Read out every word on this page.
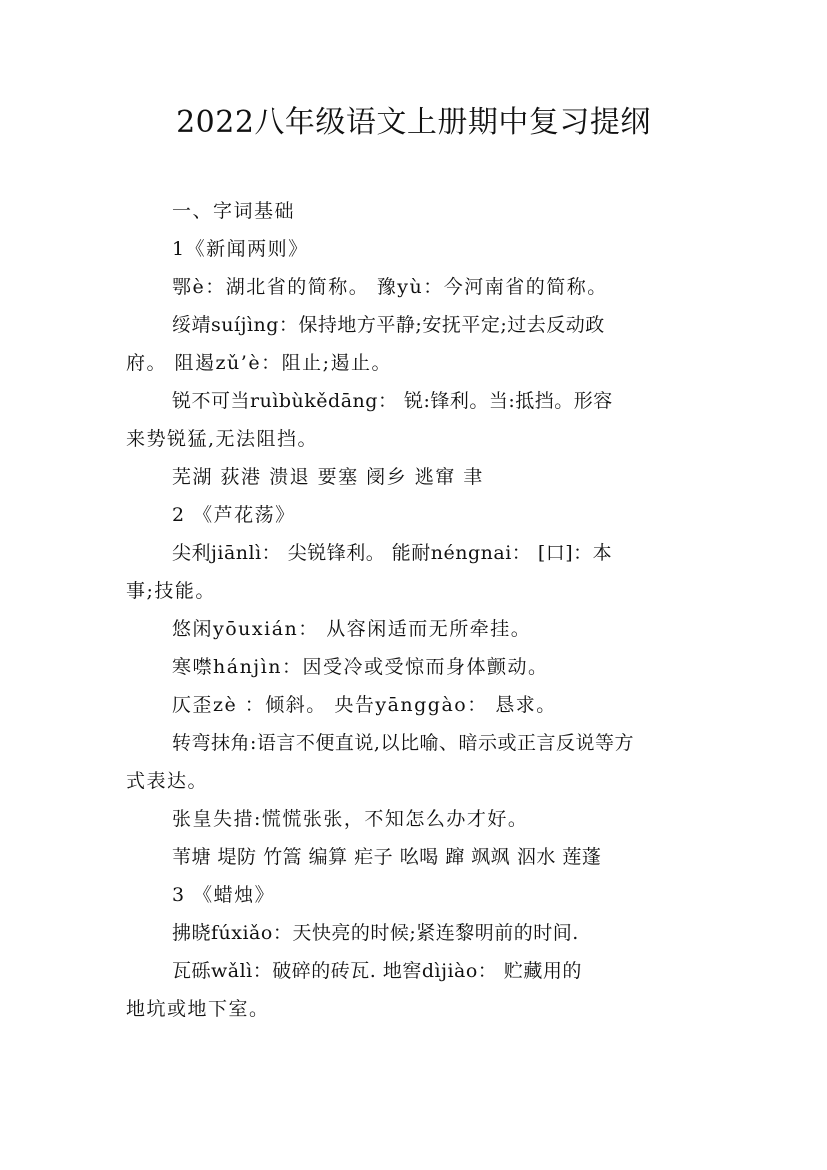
2022八年级语文上册期中复习提纲
一、字词基础
1《新闻两则》
鄂è：湖北省的简称。 豫yù：今河南省的简称。
绥靖suíjìng：保持地方平静;安抚平定;过去反动政
府。 阻遏zǔ’è：阻止;遏止。
锐不可当ruìbùkědāng： 锐:锋利。当:抵挡。形容
来势锐猛,无法阻挡。
芜湖 荻港 溃退 要塞 阌乡 逃窜 聿
2 《芦花荡》
尖利jiānlì： 尖锐锋利。 能耐néngnai： [口]：本
事;技能。
悠闲yōuxián： 从容闲适而无所牵挂。
寒噤hánjìn：因受冷或受惊而身体颤动。
仄歪zè ：倾斜。 央告yānggào： 恳求。
转弯抹角:语言不便直说,以比喻、暗示或正言反说等方
式表达。
张皇失措:慌慌张张，不知怎么办才好。
苇塘 堤防 竹篙 编算 疟子 吆喝 蹿 飒飒 泅水 莲蓬
3 《蜡烛》
拂晓fúxiǎo：天快亮的时候;紧连黎明前的时间.
瓦砾wǎlì：破碎的砖瓦. 地窖dìjiào： 贮藏用的
地坑或地下室。
